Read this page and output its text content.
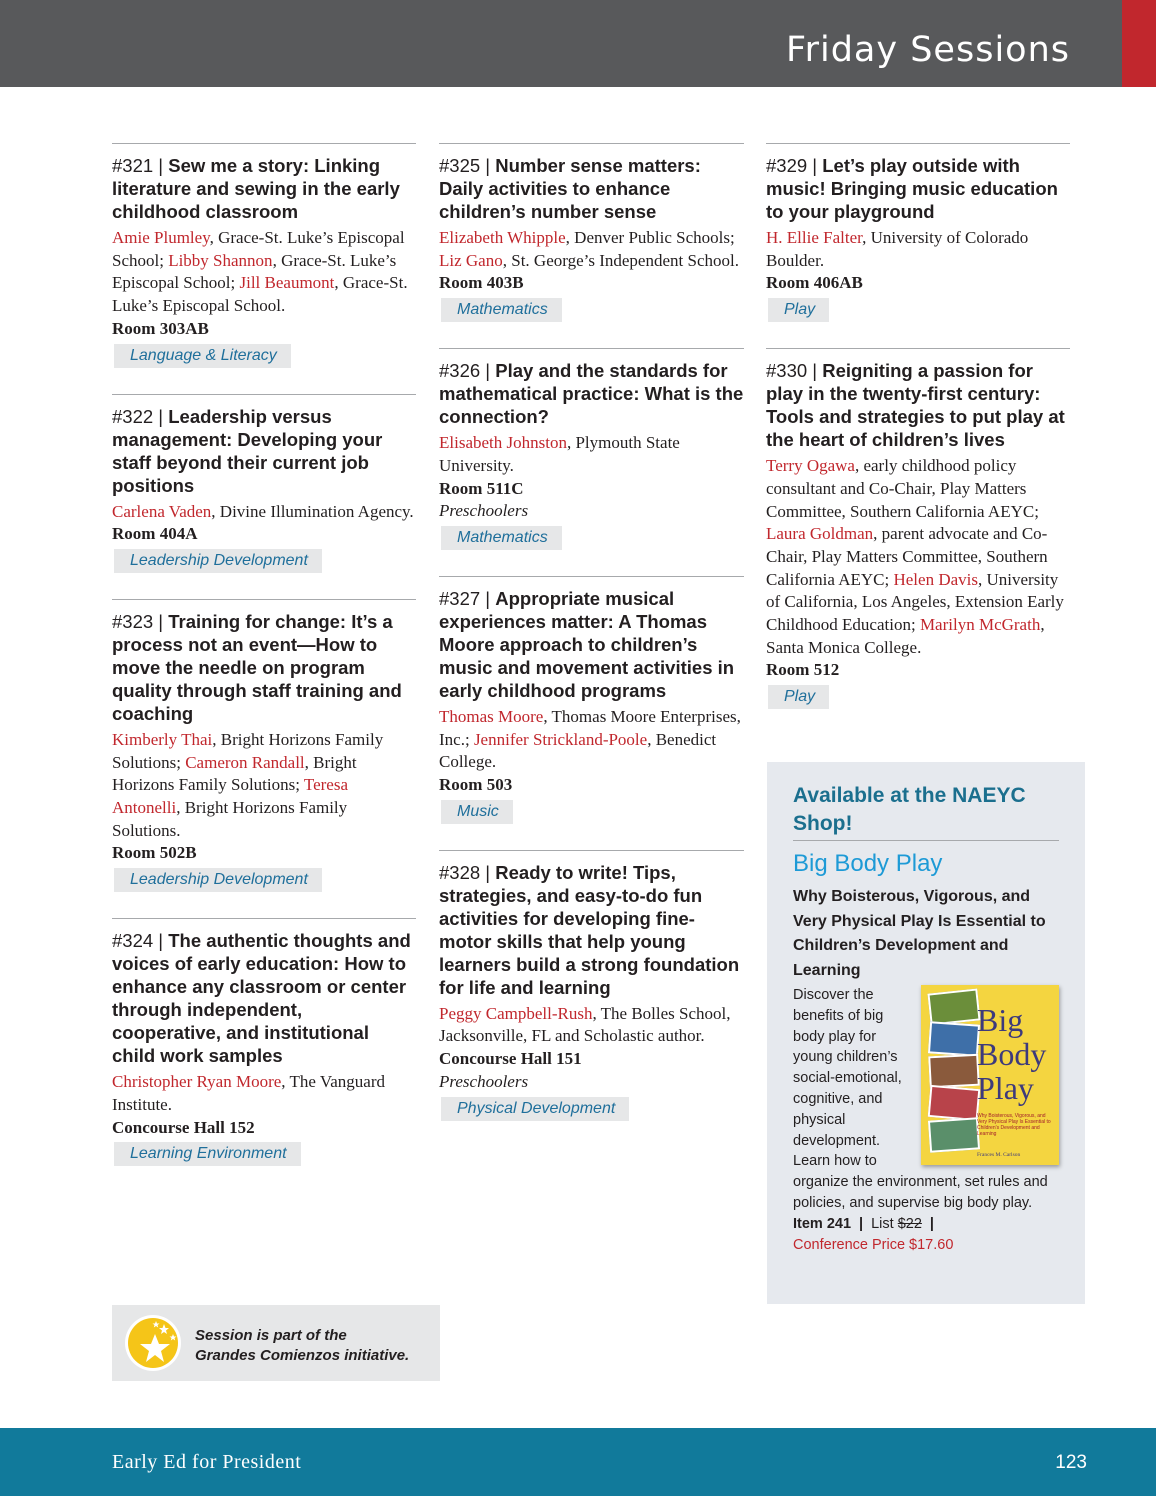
Friday Sessions

#321 | Sew me a story: Linking literature and sewing in the early childhood classroom

Amie Plumley, Grace-St. Luke’s Episcopal School; Libby Shannon, Grace-St. Luke’s Episcopal School; Jill Beaumont, Grace-St. Luke’s Episcopal School.
Room 303AB
Language & Literacy

#322 | Leadership versus management: Developing your staff beyond their current job positions

Carlena Vaden, Divine Illumination Agency.
Room 404A
Leadership Development

#323 | Training for change: It’s a process not an event—How to move the needle on program quality through staff training and coaching

Kimberly Thai, Bright Horizons Family Solutions; Cameron Randall, Bright Horizons Family Solutions; Teresa Antonelli, Bright Horizons Family Solutions.
Room 502B
Leadership Development

#324 | The authentic thoughts and voices of early education: How to enhance any classroom or center through independent, cooperative, and institutional child work samples

Christopher Ryan Moore, The Vanguard Institute.
Concourse Hall 152
Learning Environment

#325 | Number sense matters: Daily activities to enhance children’s number sense

Elizabeth Whipple, Denver Public Schools; Liz Gano, St. George’s Independent School.
Room 403B
Mathematics

#326 | Play and the standards for mathematical practice: What is the connection?

Elisabeth Johnston, Plymouth State University.
Room 511C
Preschoolers
Mathematics

#327 | Appropriate musical experiences matter: A Thomas Moore approach to children’s music and movement activities in early childhood programs

Thomas Moore, Thomas Moore Enterprises, Inc.; Jennifer Strickland-Poole, Benedict College.
Room 503
Music

#328 | Ready to write! Tips, strategies, and easy-to-do fun activities for developing fine-motor skills that help young learners build a strong foundation for life and learning

Peggy Campbell-Rush, The Bolles School, Jacksonville, FL and Scholastic author.
Concourse Hall 151
Preschoolers
Physical Development

#329 | Let’s play outside with music! Bringing music education to your playground

H. Ellie Falter, University of Colorado Boulder.
Room 406AB
Play

#330 | Reigniting a passion for play in the twenty-first century: Tools and strategies to put play at the heart of children’s lives

Terry Ogawa, early childhood policy consultant and Co-Chair, Play Matters Committee, Southern California AEYC; Laura Goldman, parent advocate and Co-Chair, Play Matters Committee, Southern California AEYC; Helen Davis, University of California, Los Angeles, Extension Early Childhood Education; Marilyn McGrath, Santa Monica College.
Room 512
Play
Available at the NAEYC Shop!
Big Body Play
Why Boisterous, Vigorous, and Very Physical Play Is Essential to Children’s Development and Learning
Big
Body
Play
Why Boisterous, Vigorous, and Very Physical Play Is Essential to Children's Development and Learning
Frances M. Carlson
Discover the benefits of big body play for young children’s social-emotional, cognitive, and physical development. Learn how to organize the environment, set rules and policies, and supervise big body play.
Item 241 | List $22 |
Conference Price $17.60
Session is part of the
Grandes Comienzos initiative.
Early Ed for President	123
